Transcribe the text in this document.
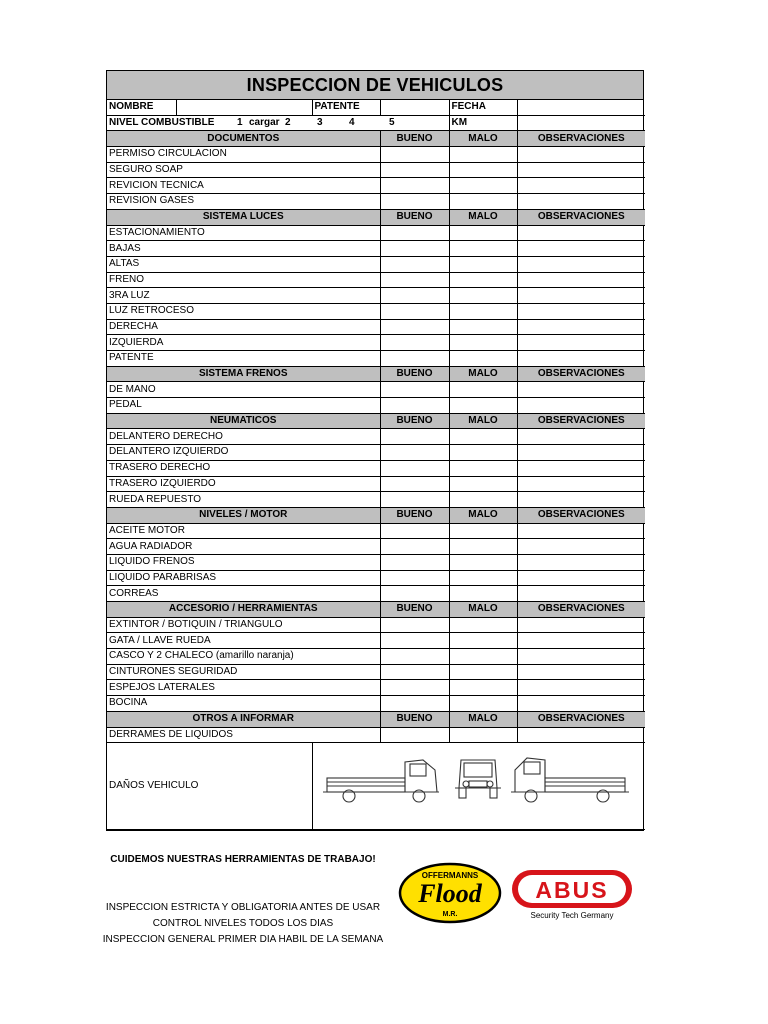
INSPECCION DE VEHICULOS
NOMBRE		PATENTE		FECHA	
NIVEL COMBUSTIBLE 1 cargar 2 3 4 5				KM	
DOCUMENTOS			BUENO	MALO	OBSERVACIONES
PERMISO CIRCULACION					
SEGURO SOAP					
REVICION TECNICA					
REVISION GASES					
SISTEMA LUCES			BUENO	MALO	OBSERVACIONES
ESTACIONAMIENTO					
BAJAS					
ALTAS					
FRENO					
3RA LUZ					
LUZ RETROCESO					
DERECHA					
IZQUIERDA					
PATENTE					
SISTEMA FRENOS			BUENO	MALO	OBSERVACIONES
DE MANO					
PEDAL					
NEUMATICOS			BUENO	MALO	OBSERVACIONES
DELANTERO DERECHO					
DELANTERO IZQUIERDO					
TRASERO DERECHO					
TRASERO IZQUIERDO					
RUEDA REPUESTO					
NIVELES / MOTOR			BUENO	MALO	OBSERVACIONES
ACEITE MOTOR					
AGUA RADIADOR					
LIQUIDO FRENOS					
LIQUIDO PARABRISAS					
CORREAS					
ACCESORIO / HERRAMIENTAS			BUENO	MALO	OBSERVACIONES
EXTINTOR / BOTIQUIN / TRIANGULO					
GATA / LLAVE RUEDA					
CASCO Y 2 CHALECO (amarillo naranja)					
CINTURONES SEGURIDAD					
ESPEJOS LATERALES					
BOCINA					
OTROS A INFORMAR			BUENO	MALO	OBSERVACIONES
DERRAMES DE LIQUIDOS					
DAÑOS VEHICULO	
CUIDEMOS NUESTRAS HERRAMIENTAS DE TRABAJO!
INSPECCION ESTRICTA Y OBLIGATORIA ANTES DE USAR
CONTROL NIVELES TODOS LOS DIAS
INSPECCION GENERAL PRIMER DIA HABIL DE LA SEMANA
OFFERMANNS
Flood
M.R.
ABUS
Security Tech Germany
